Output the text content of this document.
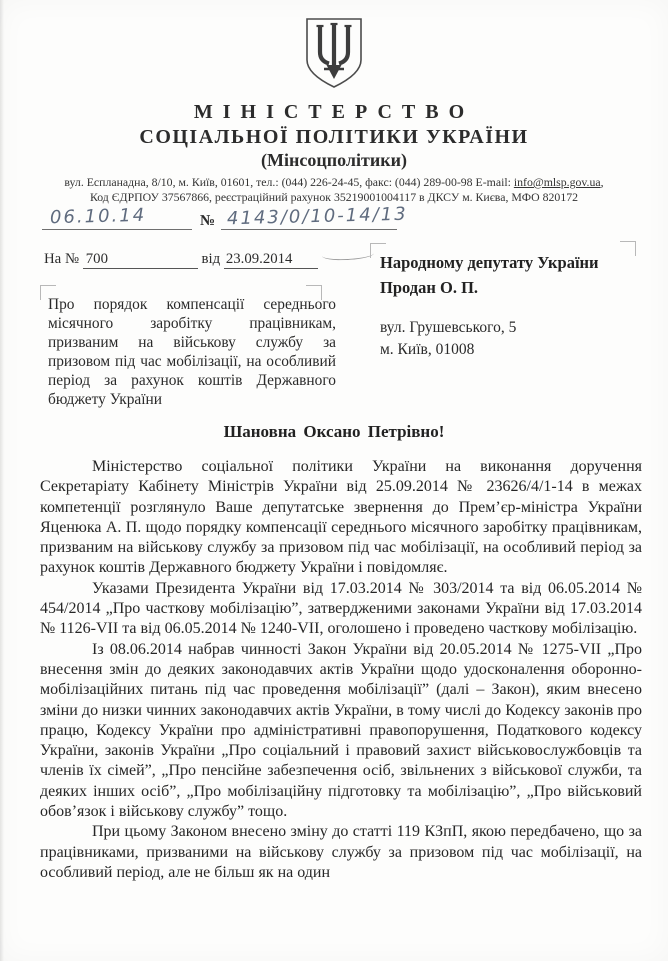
МІНІСТЕРСТВО
СОЦІАЛЬНОЇ ПОЛІТИКИ УКРАЇНИ
(Мінсоцполітики)
вул. Еспланадна, 8/10, м. Київ, 01601, тел.: (044) 226-24-45, факс: (044) 289-00-98 E-mail: info@mlsp.gov.ua,
Код ЄДРПОУ 37567866, реєстраційний рахунок 35219001004117 в ДКСУ м. Києва, МФО 820172
06.10.14	№ 4143/0/10-14/13
На № 700	від 23.09.2014	Народному депутату України
Продан О. П.
вул. Грушевського, 5
м. Київ, 01008
Про порядок компенсації середнього місячного заробітку працівникам, призваним на військову службу за призовом під час мобілізації, на особливий період за рахунок коштів Державного бюджету України
Шановна Оксано Петрівно!

Міністерство соціальної політики України на виконання доручення Секретаріату Кабінету Міністрів України від 25.09.2014 № 23626/4/1-14 в межах компетенції розглянуло Ваше депутатське звернення до Прем’єр-міністра України Яценюка А. П. щодо порядку компенсації середнього місячного заробітку працівникам, призваним на військову службу за призовом під час мобілізації, на особливий період за рахунок коштів Державного бюджету України і повідомляє.

Указами Президента України від 17.03.2014 № 303/2014 та від 06.05.2014 № 454/2014 „Про часткову мобілізацію”, затвердженими законами України від 17.03.2014 № 1126-VII та від 06.05.2014 № 1240-VII, оголошено і проведено часткову мобілізацію.

Із 08.06.2014 набрав чинності Закон України від 20.05.2014 № 1275-VII „Про внесення змін до деяких законодавчих актів України щодо удосконалення оборонно-мобілізаційних питань під час проведення мобілізації” (далі – Закон), яким внесено зміни до низки чинних законодавчих актів України, в тому числі до Кодексу законів про працю, Кодексу України про адміністративні правопорушення, Податкового кодексу України, законів України „Про соціальний і правовий захист військовослужбовців та членів їх сімей”, „Про пенсійне забезпечення осіб, звільнених з військової служби, та деяких інших осіб”, „Про мобілізаційну підготовку та мобілізацію”, „Про військовий обов’язок і військову службу” тощо.

При цьому Законом внесено зміну до статті 119 КЗпП, якою передбачено, що за працівниками, призваними на військову службу за призовом під час мобілізації, на особливий період, але не більш як на один
